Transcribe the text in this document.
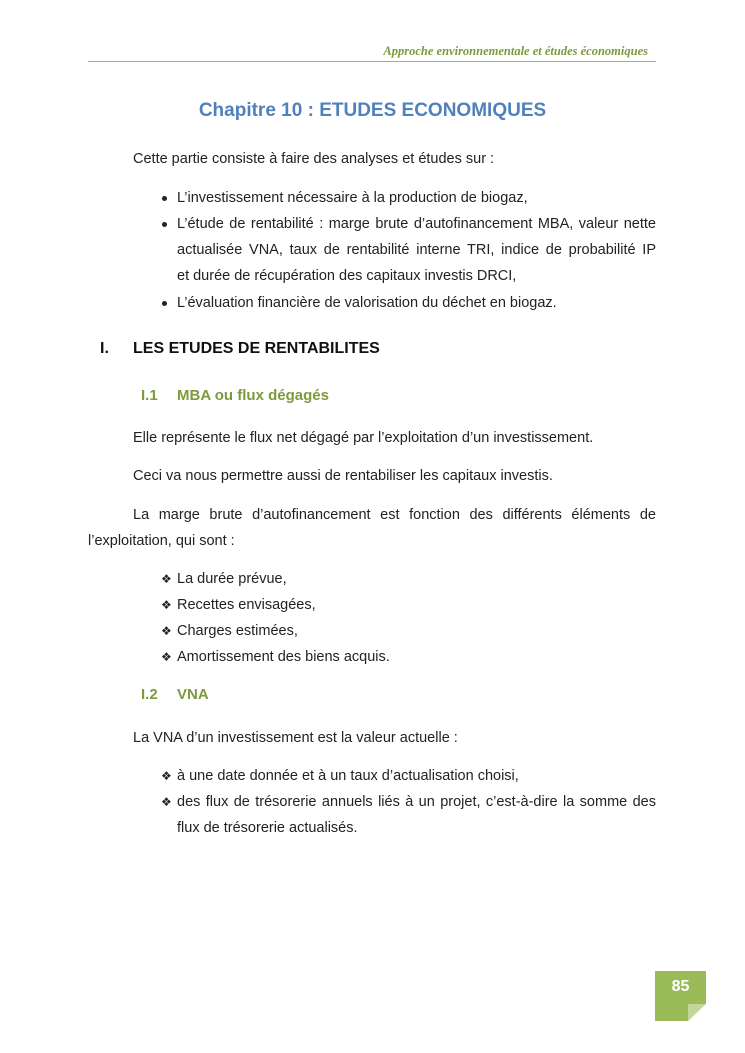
Approche environnementale et études économiques
Chapitre 10 : ETUDES ECONOMIQUES
Cette partie consiste à faire des analyses et études sur :
L’investissement nécessaire à la production de biogaz,
L’étude de rentabilité : marge brute d’autofinancement MBA, valeur nette
actualisée VNA, taux de rentabilité interne TRI, indice de probabilité IP
et durée de récupération des capitaux investis DRCI,
L’évaluation financière de valorisation du déchet en biogaz.
I. LES ETUDES DE RENTABILITES
I.1 MBA ou flux dégagés
Elle représente le flux net dégagé par l’exploitation d’un investissement.
Ceci va nous permettre aussi de rentabiliser les capitaux investis.
La marge brute d’autofinancement est fonction des différents éléments de
l’exploitation, qui sont :
❖ La durée prévue,
❖ Recettes envisagées,
❖ Charges estimées,
❖ Amortissement des biens acquis.
I.2 VNA
La VNA d’un investissement est la valeur actuelle :
❖ à une date donnée et à un taux d’actualisation choisi,
❖ des flux de trésorerie annuels liés à un projet, c’est-à-dire la somme des
flux de trésorerie actualisés.
85
